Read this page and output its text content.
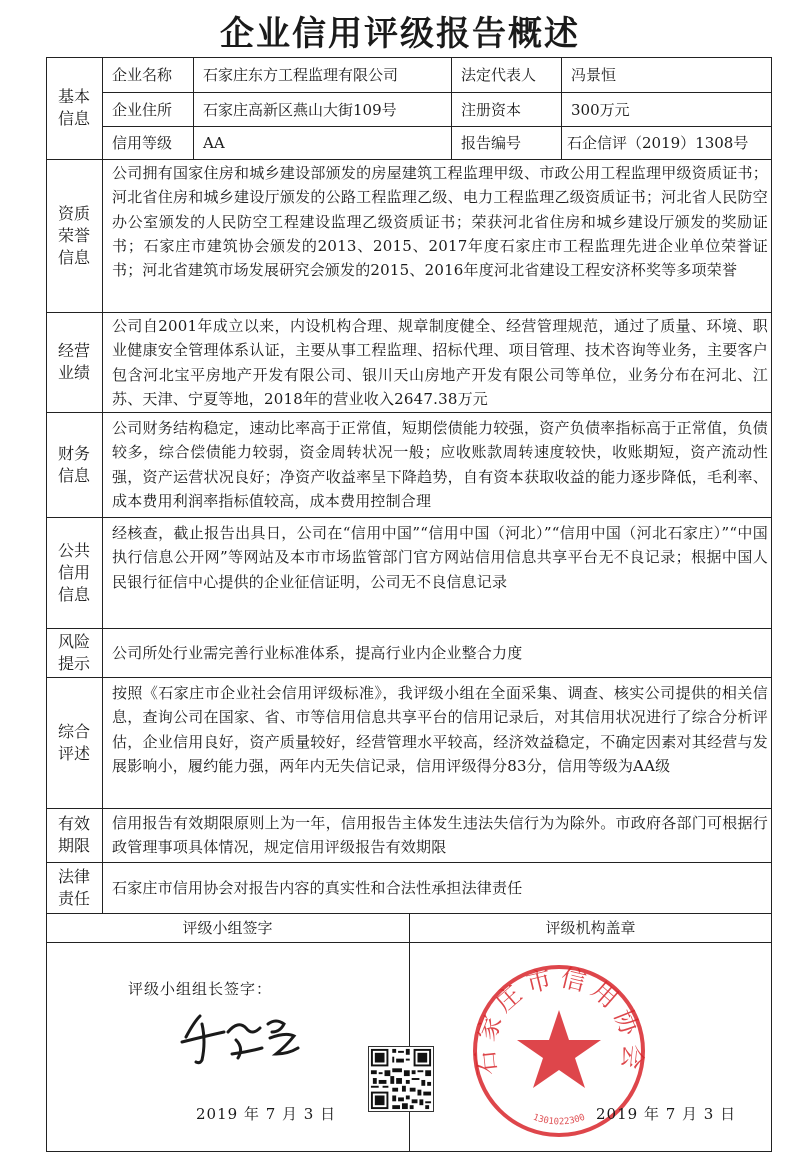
企业信用评级报告概述
基本信息
企业名称	石家庄东方工程监理有限公司	法定代表人	冯景恒
企业住所	石家庄高新区燕山大街109号	注册资本	300万元
信用等级	AA	报告编号	石企信评（2019）1308号
资质荣誉信息
公司拥有国家住房和城乡建设部颁发的房屋建筑工程监理甲级、市政公用工程监理甲级资质证书；河北省住房和城乡建设厅颁发的公路工程监理乙级、电力工程监理乙级资质证书；河北省人民防空办公室颁发的人民防空工程建设监理乙级资质证书；荣获河北省住房和城乡建设厅颁发的奖励证书；石家庄市建筑协会颁发的2013、2015、2017年度石家庄市工程监理先进企业单位荣誉证书；河北省建筑市场发展研究会颁发的2015、2016年度河北省建设工程安济杯奖等多项荣誉
经营业绩
公司自2001年成立以来，内设机构合理、规章制度健全、经营管理规范，通过了质量、环境、职业健康安全管理体系认证，主要从事工程监理、招标代理、项目管理、技术咨询等业务，主要客户包含河北宝平房地产开发有限公司、银川天山房地产开发有限公司等单位，业务分布在河北、江苏、天津、宁夏等地，2018年的营业收入2647.38万元
财务信息
公司财务结构稳定，速动比率高于正常值，短期偿债能力较强，资产负债率指标高于正常值，负债较多，综合偿债能力较弱，资金周转状况一般；应收账款周转速度较快，收账期短，资产流动性强，资产运营状况良好；净资产收益率呈下降趋势，自有资本获取收益的能力逐步降低，毛利率、成本费用利润率指标值较高，成本费用控制合理
公共信用信息
经核查，截止报告出具日，公司在“信用中国”“信用中国（河北）”“信用中国（河北石家庄）”“中国执行信息公开网”等网站及本市市场监管部门官方网站信用信息共享平台无不良记录；根据中国人民银行征信中心提供的企业征信证明，公司无不良信息记录
风险提示
公司所处行业需完善行业标准体系，提高行业内企业整合力度
综合评述
按照《石家庄市企业社会信用评级标准》，我评级小组在全面采集、调查、核实公司提供的相关信息，查询公司在国家、省、市等信用信息共享平台的信用记录后，对其信用状况进行了综合分析评估，企业信用良好，资产质量较好，经营管理水平较高，经济效益稳定，不确定因素对其经营与发展影响小，履约能力强，两年内无失信记录，信用评级得分83分，信用等级为AA级
有效期限
信用报告有效期限原则上为一年，信用报告主体发生违法失信行为为除外。市政府各部门可根据行政管理事项具体情况，规定信用评级报告有效期限
法律责任
石家庄市信用协会对报告内容的真实性和合法性承担法律责任
评级小组签字	评级机构盖章
评级小组组长签字：
2019 年 7 月 3 日
石家庄市信用协会
1301022300 2019 年 7 月 3 日
